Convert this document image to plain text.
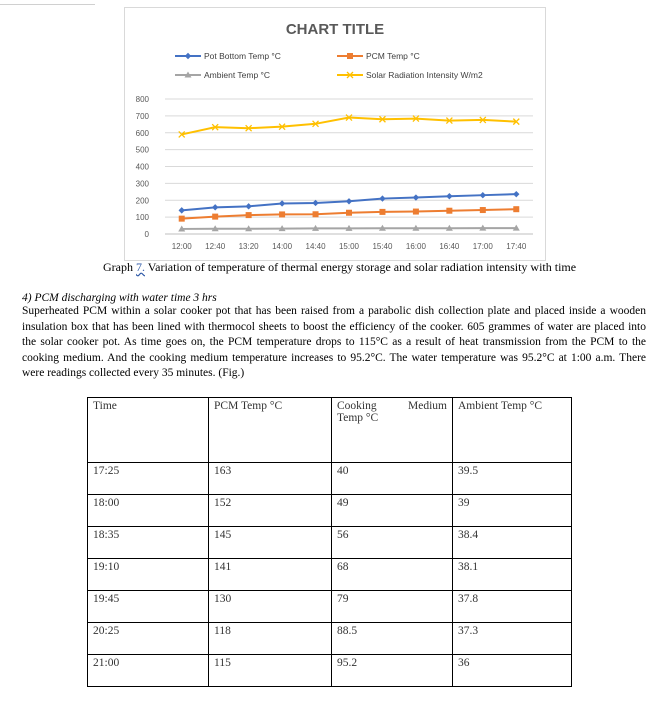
CHART TITLE
Pot Bottom Temp °C	PCM Temp °C
Ambient Temp °C	Solar Radiation Intensity W/m2
0
100
200
300
400
500
600
700
800
12:00 12:40 13:20 14:00 14:40 15:00 15:40 16:00 16:40 17:00 17:40
Graph 7. Variation of temperature of thermal energy storage and solar radiation intensity with time
4) PCM discharging with water time 3 hrs
Superheated PCM within a solar cooker pot that has been raised from a parabolic dish collection plate and placed inside a wooden
insulation box that has been lined with thermocol sheets to boost the efficiency of the cooker. 605 grammes of water are placed into
the solar cooker pot. As time goes on, the PCM temperature drops to 115°C as a result of heat transmission from the PCM to the
cooking medium. And the cooking medium temperature increases to 95.2°C. The water temperature was 95.2°C at 1:00 a.m. There
were readings collected every 35 minutes. (Fig.)
Time	PCM Temp °C	Cooking Medium
Temp °C	Ambient Temp °C
17:25	163	40	39.5
18:00	152	49	39
18:35	145	56	38.4
19:10	141	68	38.1
19:45	130	79	37.8
20:25	118	88.5	37.3
21:00	115	95.2	36
